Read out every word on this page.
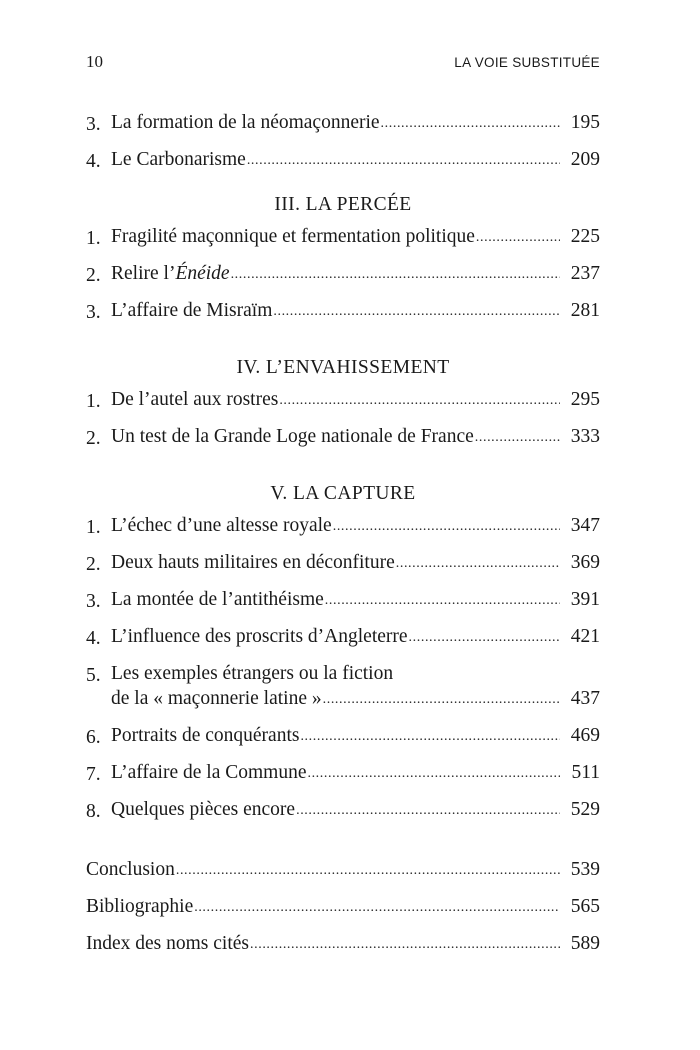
10	LA VOIE SUBSTITUÉE
3. La formation de la néomaçonnerie .....	195
4. Le Carbonarisme .....	209
III. LA PERCÉE
1. Fragilité maçonnique et fermentation politique .....	225
2. Relire l’Énéide .....	237
3. L’affaire de Misraïm .....	281
IV. L’ENVAHISSEMENT
1. De l’autel aux rostres .....	295
2. Un test de la Grande Loge nationale de France .....	333
V. LA CAPTURE
1. L’échec d’une altesse royale .....	347
2. Deux hauts militaires en déconfiture .....	369
3. La montée de l’antithéisme .....	391
4. L’influence des proscrits d’Angleterre .....	421
5. Les exemples étrangers ou la fiction
de la « maçonnerie latine » .....	437
6. Portraits de conquérants .....	469
7. L’affaire de la Commune .....	511
8. Quelques pièces encore .....	529
Conclusion .....	539
Bibliographie .....	565
Index des noms cités .....	589
